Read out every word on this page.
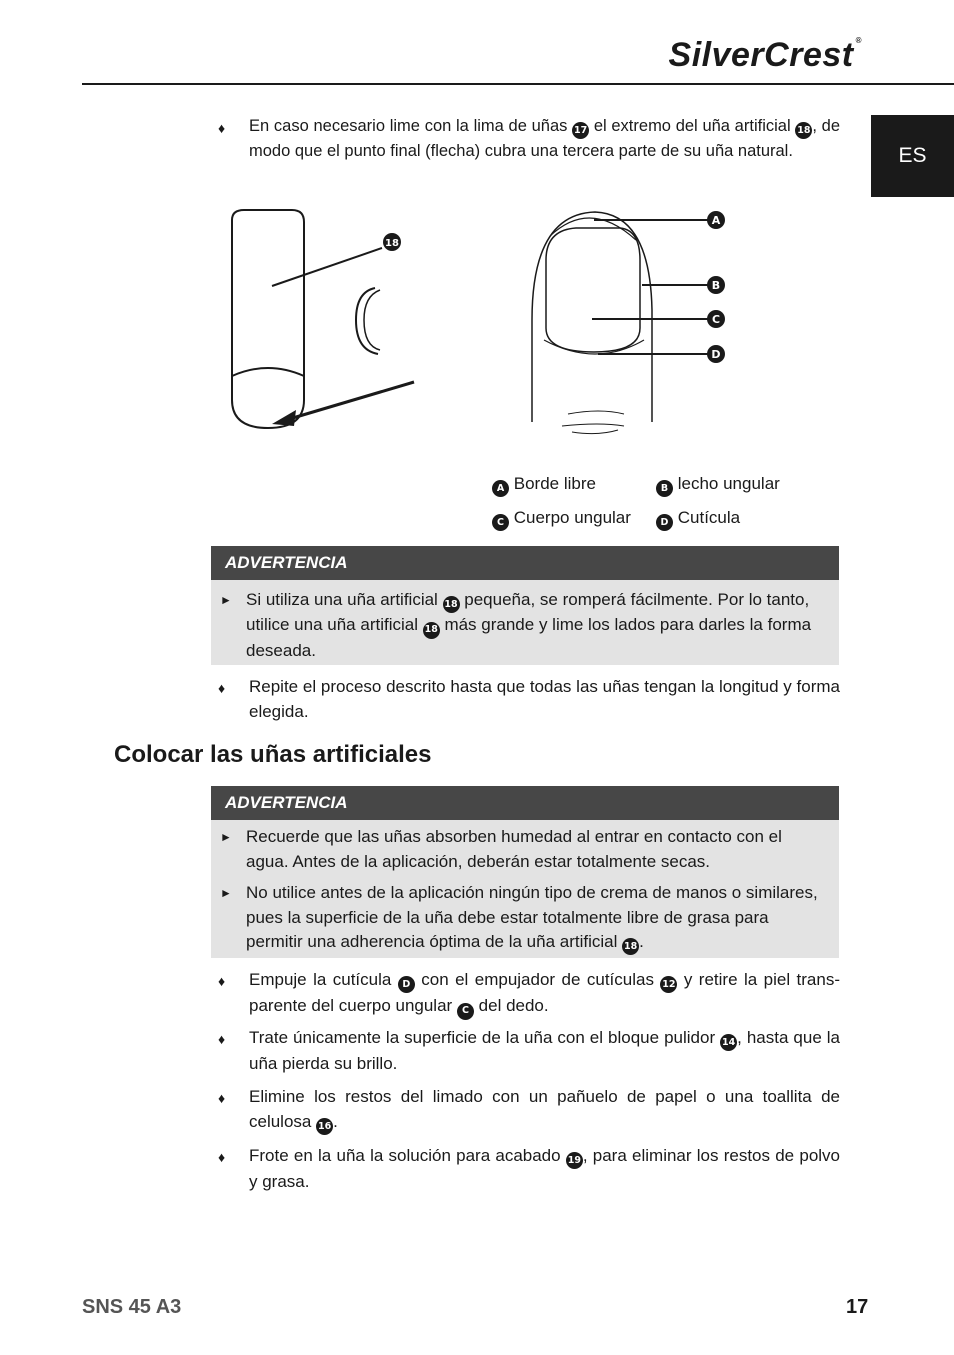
SilverCrest ®
ES
♦ En caso necesario lime con la lima de uñas 17 el extremo del uña artificial 18 , de modo que el punto final (flecha) cubra una tercera parte de su uña natural.
18
A
B
C
D
A Borde libre	B lecho ungular
C Cuerpo ungular	D Cutícula
ADVERTENCIA
► Si utiliza una uña artificial 18 pequeña, se romperá fácilmente. Por lo tanto, utilice una uña artificial 18 más grande y lime los lados para darles la forma deseada.
♦ Repite el proceso descrito hasta que todas las uñas tengan la longitud y forma elegida.
Colocar las uñas artificiales
ADVERTENCIA
► Recuerde que las uñas absorben humedad al entrar en contacto con el agua. Antes de la aplicación, deberán estar totalmente secas.
► No utilice antes de la aplicación ningún tipo de crema de manos o similares, pues la superficie de la uña debe estar totalmente libre de grasa para permitir una adherencia óptima de la uña artificial 18 .
♦ Empuje la cutícula D con el empujador de cutículas 12 y retire la piel trans-parente del cuerpo ungular C del dedo.
♦ Trate únicamente la superficie de la uña con el bloque pulidor 14 , hasta que la uña pierda su brillo.
♦ Elimine los restos del limado con un pañuelo de papel o una toallita de celulosa 16 .
♦ Frote en la uña la solución para acabado 19 , para eliminar los restos de polvo y grasa.
SNS 45 A3	17
